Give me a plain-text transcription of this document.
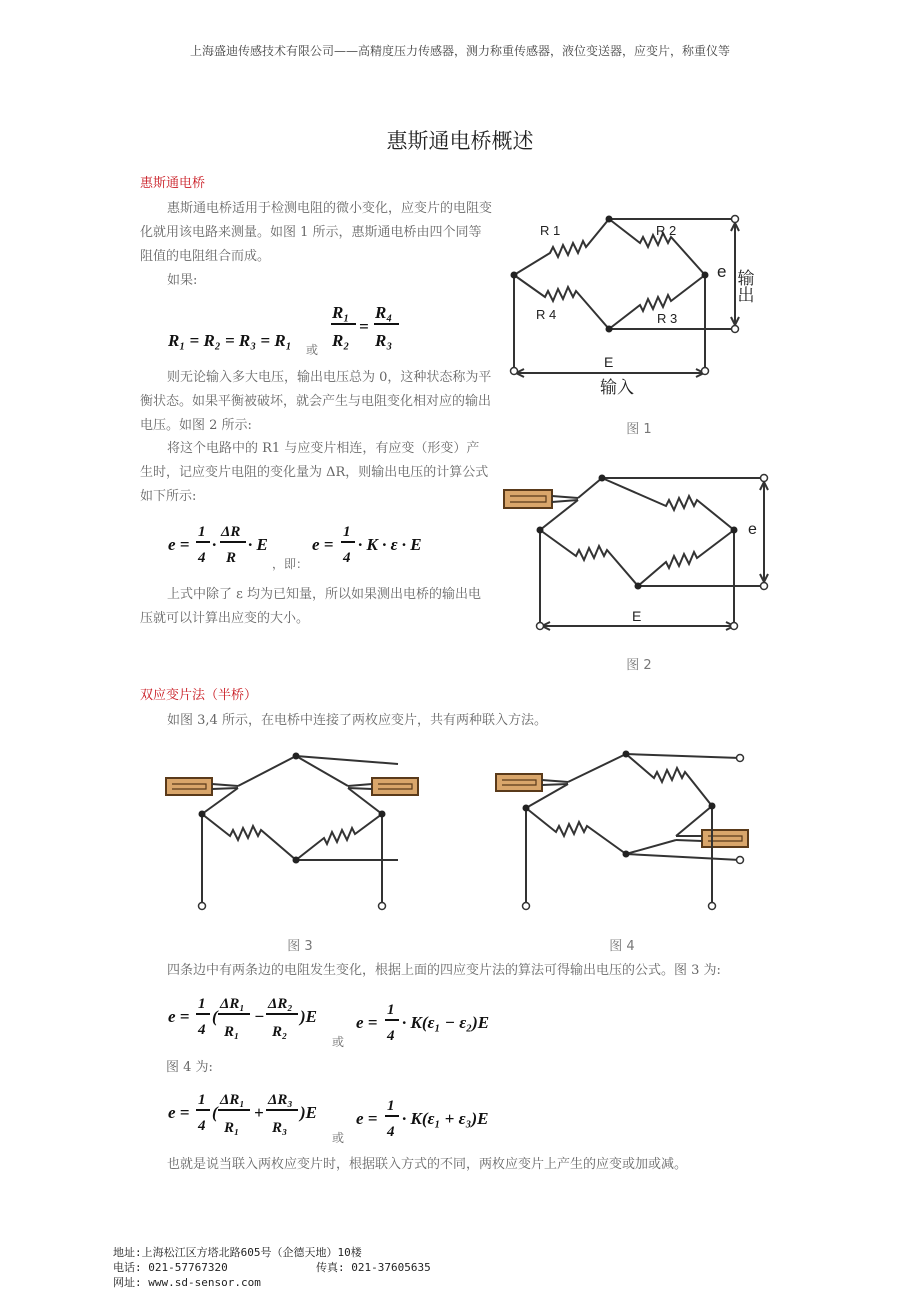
上海盛迪传感技术有限公司——高精度压力传感器，测力称重传感器，液位变送器，应变片，称重仪等
惠斯通电桥概述
惠斯通电桥
惠斯通电桥适用于检测电阻的微小变化，应变片的电阻变化就用该电路来测量。如图 1 所示，惠斯通电桥由四个同等阻值的电阻组合而成。
如果:
R₁ = R₂ = R₃ = R₁
R₁
R₂
=
R₄
R₃
或
则无论输入多大电压，输出电压总为 0，这种状态称为平衡状态。如果平衡被破坏，就会产生与电阻变化相对应的输出电压。如图 2 所示:
将这个电路中的 R1 与应变片相连，有应变（形变）产生时，记应变片电阻的变化量为 ΔR，则输出电压的计算公式如下所示:
e =
1
4
·
ΔR
R
· E	e =
1
4
· K · ε · E
，即：
上式中除了 ε 均为已知量，所以如果测出电桥的输出电压就可以计算出应变的大小。
R 1	R 2
R 3
R 4
e 输出
E
输入
图 1
e
E
图 2
双应变片法（半桥）
如图 3,4 所示，在电桥中连接了两枚应变片，共有两种联入方法。
图 3	图 4
四条边中有两条边的电阻发生变化，根据上面的四应变片法的算法可得输出电压的公式。图 3 为:
e =
1
4
(
ΔR₁
R₁
−
ΔR₂
R₂
)E e =
1
4
· K(ε₁ − ε₂)E
或
图 4 为:
e =
1
4
(
ΔR₁
R₁
+
ΔR₃
R₃
)E e =
1
4
· K(ε₁ + ε₃)E
或
也就是说当联入两枚应变片时，根据联入方式的不同，两枚应变片上产生的应变或加或减。
地址:上海松江区方塔北路605号（企德天地）10楼
电话: 021-57767320	传真: 021-37605635
网址: www.sd-sensor.com
